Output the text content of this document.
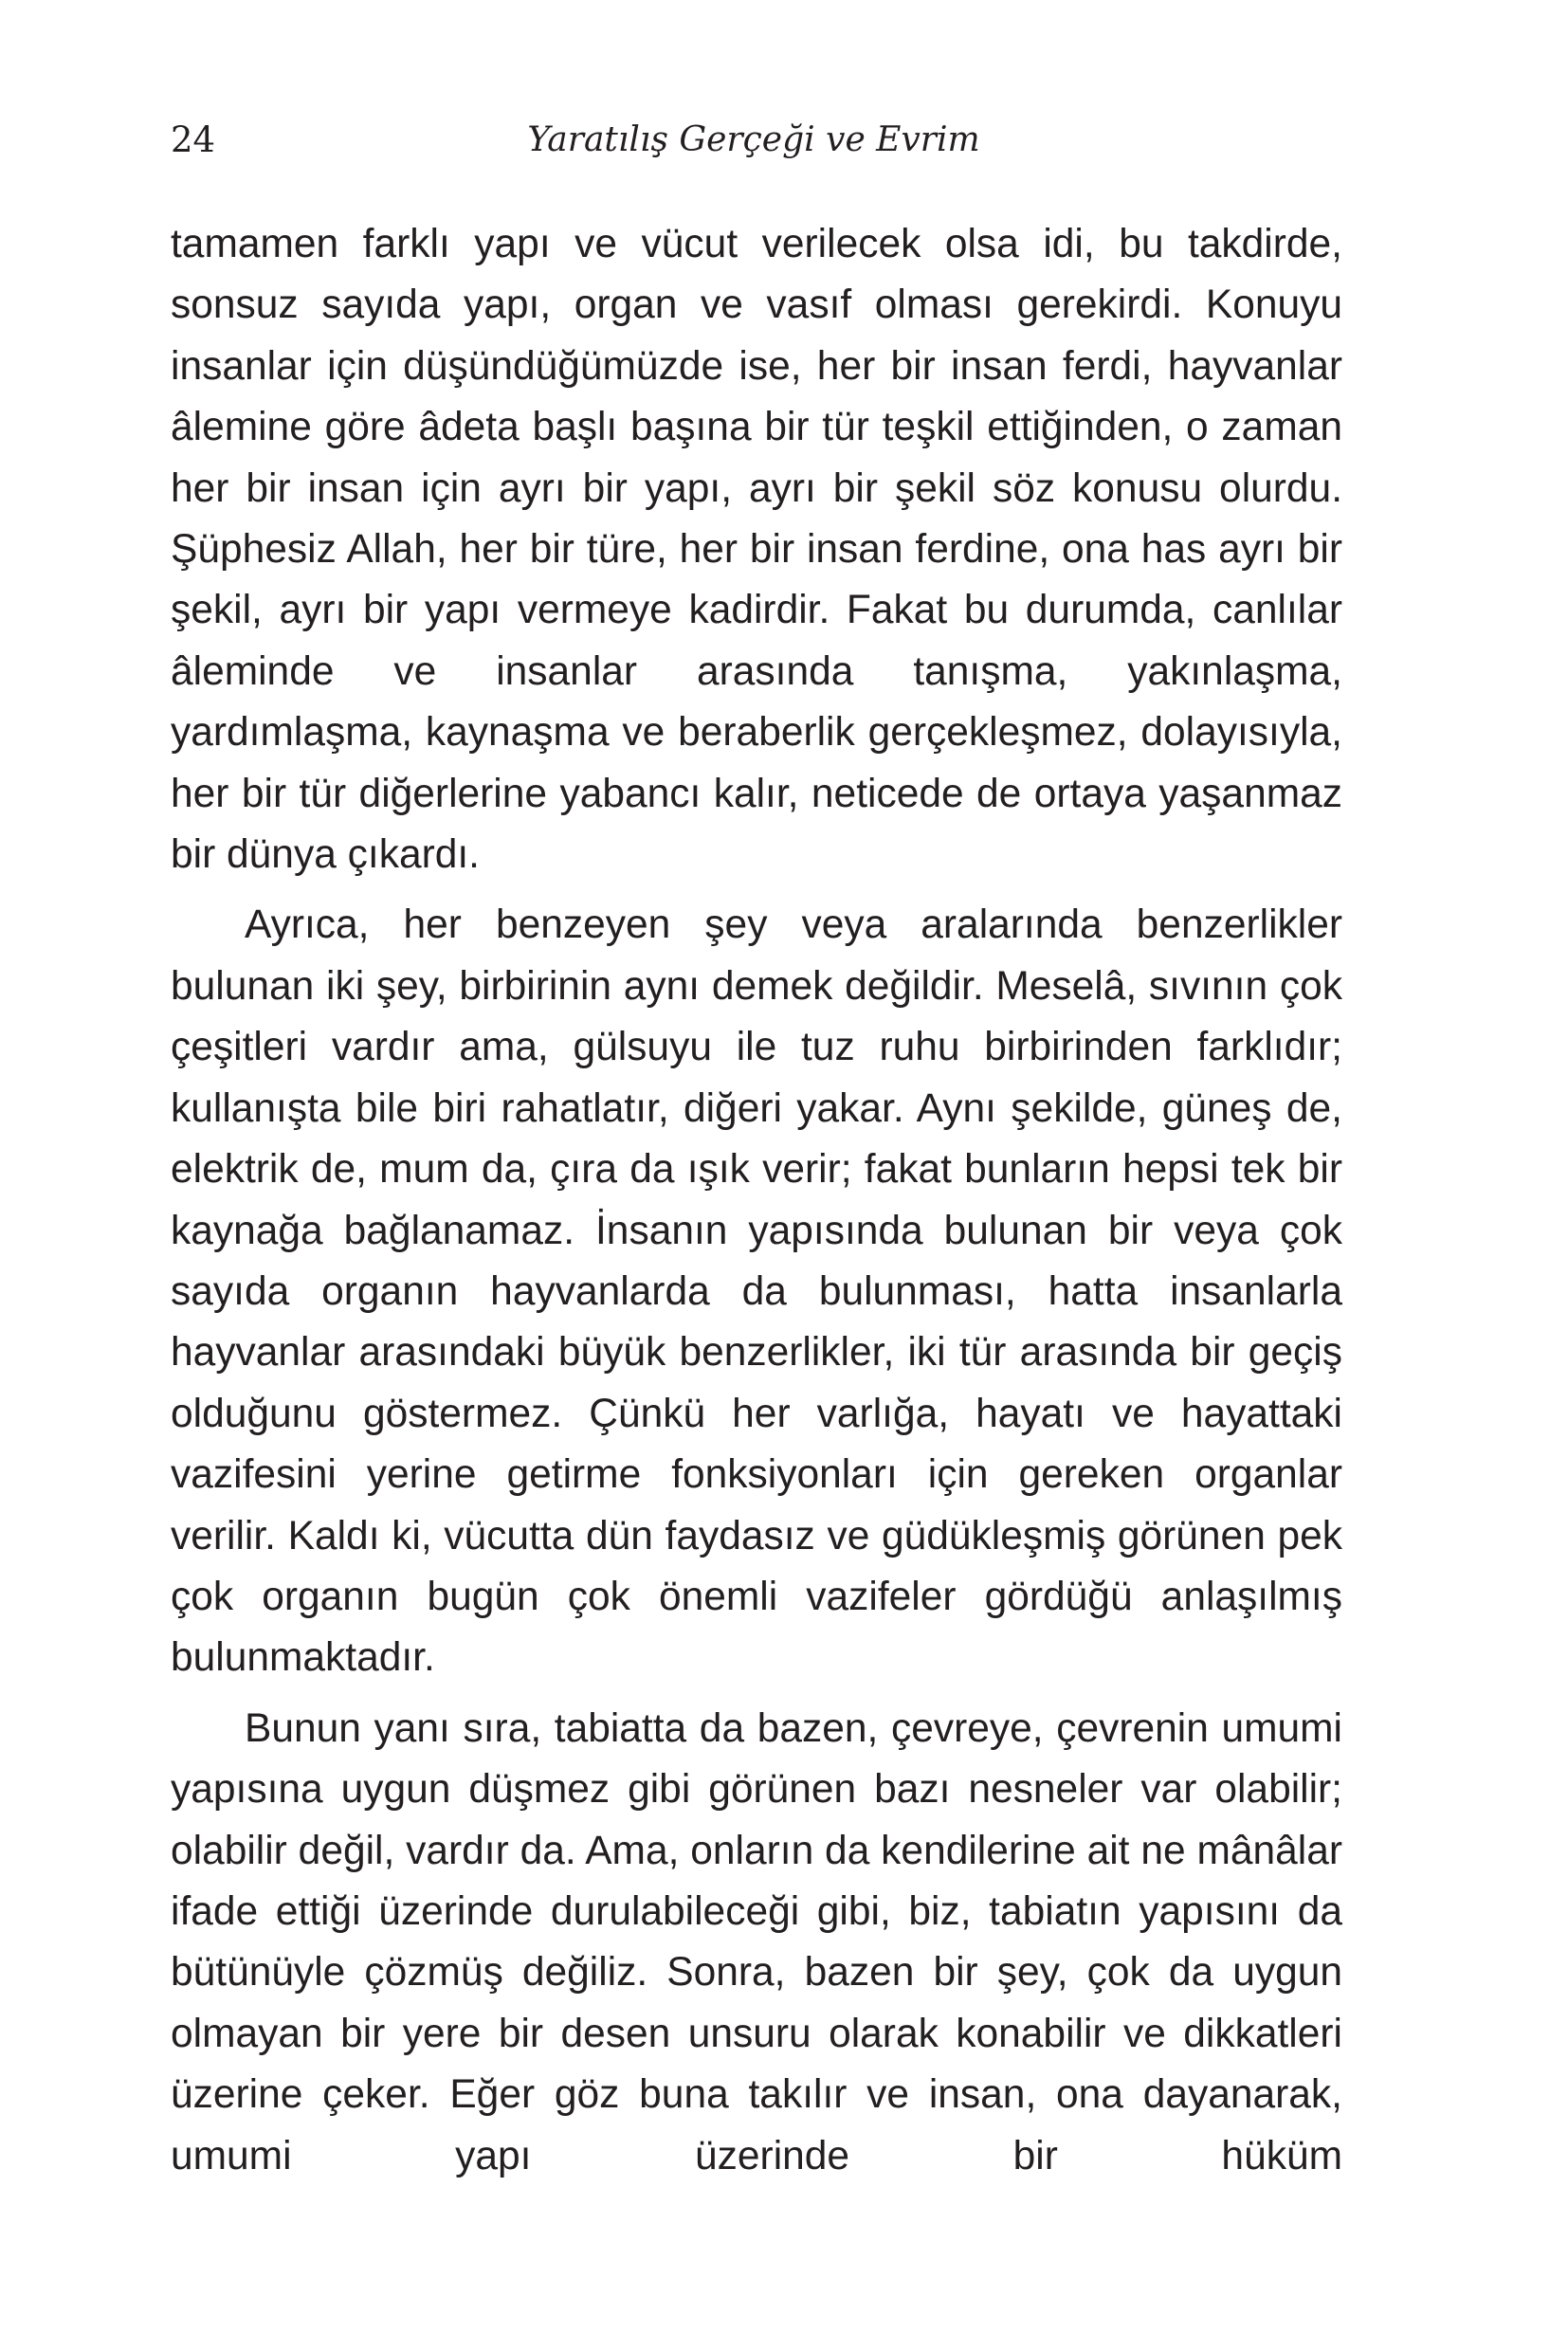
24	Yaratılış Gerçeği ve Evrim

tamamen farklı yapı ve vücut verilecek olsa idi, bu takdirde, sonsuz sayıda yapı, organ ve vasıf olması gerekirdi. Konuyu insanlar için düşündüğümüzde ise, her bir insan ferdi, hayvanlar âlemine göre âdeta başlı başına bir tür teşkil ettiğinden, o zaman her bir insan için ayrı bir yapı, ayrı bir şekil söz konusu olurdu. Şüphesiz Allah, her bir türe, her bir insan ferdine, ona has ayrı bir şekil, ayrı bir yapı vermeye kadirdir. Fakat bu durumda, canlılar âleminde ve insanlar arasında tanışma, yakınlaşma, yardımlaşma, kaynaşma ve beraberlik gerçekleşmez, dolayısıyla, her bir tür diğerlerine yabancı kalır, neticede de ortaya yaşanmaz bir dünya çıkardı.

Ayrıca, her benzeyen şey veya aralarında benzerlikler bulunan iki şey, birbirinin aynı demek değildir. Meselâ, sıvının çok çeşitleri vardır ama, gülsuyu ile tuz ruhu birbirinden farklıdır; kullanışta bile biri rahatlatır, diğeri yakar. Aynı şekilde, güneş de, elektrik de, mum da, çıra da ışık verir; fakat bunların hepsi tek bir kaynağa bağlanamaz. İnsanın yapısında bulunan bir veya çok sayıda organın hayvanlarda da bulunması, hatta insanlarla hayvanlar arasındaki büyük benzerlikler, iki tür arasında bir geçiş olduğunu göstermez. Çünkü her varlığa, hayatı ve hayattaki vazifesini yerine getirme fonksiyonları için gereken organlar verilir. Kaldı ki, vücutta dün faydasız ve güdükleşmiş görünen pek çok organın bugün çok önemli vazifeler gördüğü anlaşılmış bulunmaktadır.

Bunun yanı sıra, tabiatta da bazen, çevreye, çevrenin umumi yapısına uygun düşmez gibi görünen bazı nesneler var olabilir; olabilir değil, vardır da. Ama, onların da kendilerine ait ne mânâlar ifade ettiği üzerinde durulabileceği gibi, biz, tabiatın yapısını da bütünüyle çözmüş değiliz. Sonra, bazen bir şey, çok da uygun olmayan bir yere bir desen unsuru olarak konabilir ve dikkatleri üzerine çeker. Eğer göz buna takılır ve insan, ona dayanarak, umumi yapı üzerinde bir hüküm
